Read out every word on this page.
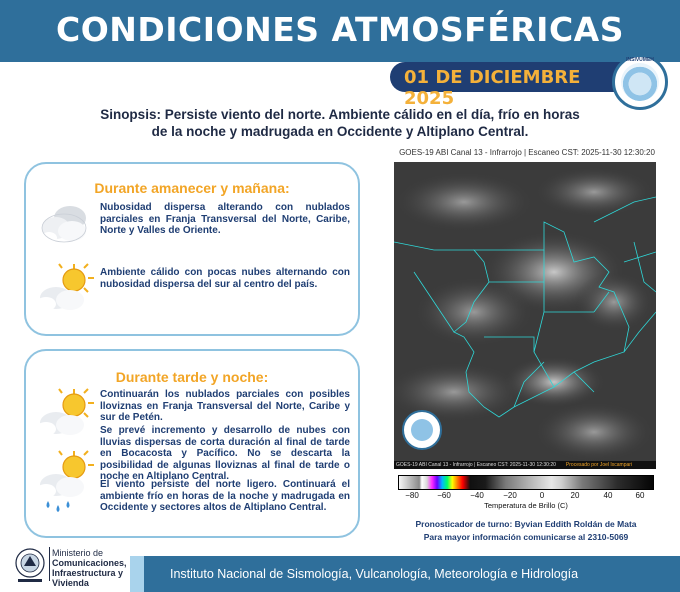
CONDICIONES ATMOSFÉRICAS
01 DE DICIEMBRE 2025
INSIVUMEH
Sinopsis: Persiste viento del norte. Ambiente cálido en el día, frío en horas
de la noche y madrugada en Occidente y Altiplano Central.
Durante amanecer y mañana:
Nubosidad dispersa alterando con nublados parciales en Franja Transversal del Norte, Caribe, Norte y Valles de Oriente.
Ambiente cálido con pocas nubes alternando con nubosidad dispersa del sur al centro del país.
Durante tarde y noche:
Continuarán los nublados parciales con posibles lloviznas en Franja Transversal del Norte, Caribe y sur de Petén.
Se prevé incremento y desarrollo de nubes con lluvias dispersas de corta duración al final de tarde en Bocacosta y Pacífico. No se descarta la posibilidad de algunas lloviznas al final de tarde o noche en Altiplano Central.
El viento persiste del norte ligero. Continuará el ambiente frío en horas de la noche y madrugada en Occidente y sectores altos de Altiplano Central.
GOES-19 ABI Canal 13 - Infrarrojo | Escaneo CST: 2025-11-30 12:30:20
GOES-19 ABI Canal 13 - Infrarrojo | Escaneo CST: 2025-11-30 12:30:20 Procesado por Joel Ixcampari
−80 −60 −40 −20	0	20	40	60
Temperatura de Brillo (C)
Pronosticador de turno: Byvian Eddith Roldán de Mata
Para mayor información comunicarse al 2310-5069
Ministerio de
Comunicaciones,
Infraestructura y
Vivienda
Instituto Nacional de Sismología, Vulcanología, Meteorología e Hidrología
